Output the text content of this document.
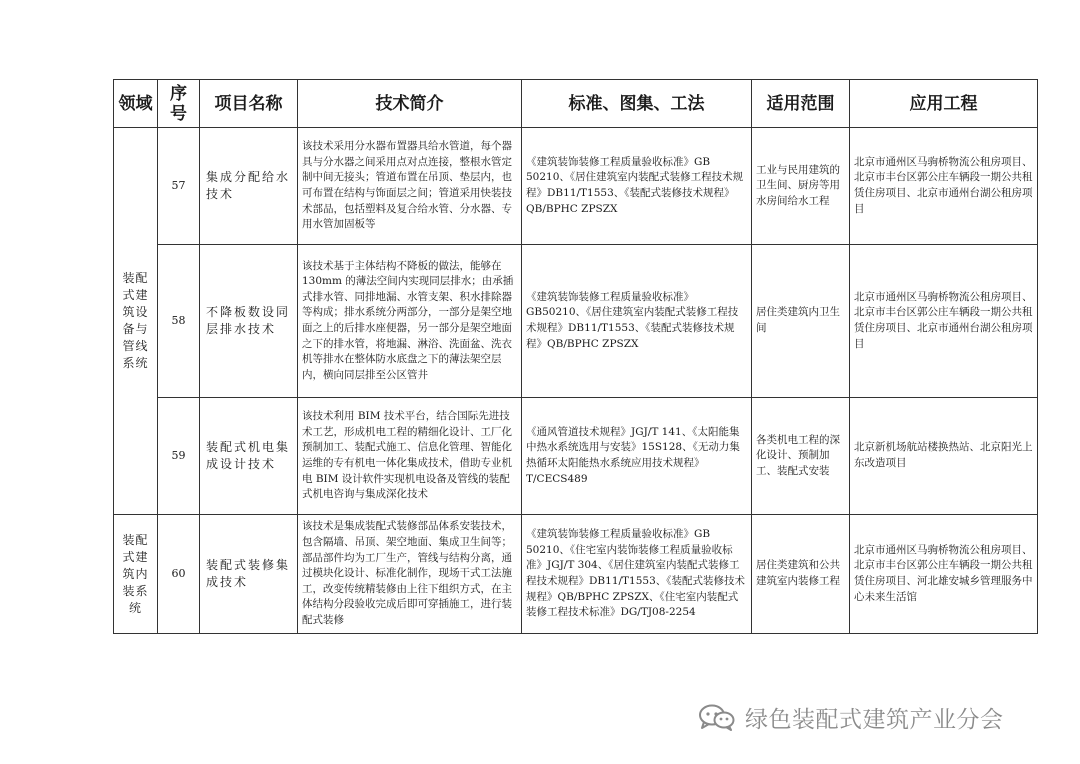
领域	序号	项目名称	技术简介	标准、图集、工法	适用范围	应用工程
装配式建筑设备与管线系统	57	集成分配给水技术	该技术采用分水器布置器具给水管道，每个器具与分水器之间采用点对点连接，整根水管定制中间无接头；管道布置在吊顶、垫层内，也可布置在结构与饰面层之间；管道采用快装技术部品，包括塑料及复合给水管、分水器、专用水管加固板等	《建筑装饰装修工程质量验收标准》GB 50210、《居住建筑室内装配式装修工程技术规程》DB11/T1553、《装配式装修技术规程》QB/BPHC ZPSZX	工业与民用建筑的卫生间、厨房等用水房间给水工程	北京市通州区马驹桥物流公租房项目、北京市丰台区郭公庄车辆段一期公共租赁住房项目、北京市通州台湖公租房项目
	58	不降板数设同层排水技术	该技术基于主体结构不降板的做法，能够在 130mm 的薄法空间内实现同层排水；由承插式排水管、同排地漏、水管支架、积水排除器等构成；排水系统分两部分，一部分是架空地面之上的后排水座便器，另一部分是架空地面之下的排水管，将地漏、淋浴、洗面盆、洗衣机等排水在整体防水底盘之下的薄法架空层内，横向同层排至公区管井	《建筑装饰装修工程质量验收标准》GB50210、《居住建筑室内装配式装修工程技术规程》DB11/T1553、《装配式装修技术规程》QB/BPHC ZPSZX	居住类建筑内卫生间	北京市通州区马驹桥物流公租房项目、北京市丰台区郭公庄车辆段一期公共租赁住房项目、北京市通州台湖公租房项目
	59	装配式机电集成设计技术	该技术利用 BIM 技术平台，结合国际先进技术工艺，形成机电工程的精细化设计、工厂化预制加工、装配式施工、信息化管理、智能化运维的专有机电一体化集成技术，借助专业机电 BIM 设计软件实现机电设备及管线的装配式机电咨询与集成深化技术	《通风管道技术规程》JGJ/T 141、《太阳能集中热水系统选用与安装》15S128、《无动力集热循环太阳能热水系统应用技术规程》T/CECS489	各类机电工程的深化设计、预制加工、装配式安装	北京新机场航站楼换热站、北京阳光上东改造项目
装配式建筑内装系统	60	装配式装修集成技术	该技术是集成装配式装修部品体系安装技术，包含隔墙、吊顶、架空地面、集成卫生间等；部品部件均为工厂生产，管线与结构分离，通过模块化设计、标准化制作，现场干式工法施工，改变传统精装修由上往下组织方式，在主体结构分段验收完成后即可穿插施工，进行装配式装修	《建筑装饰装修工程质量验收标准》GB 50210、《住宅室内装饰装修工程质量验收标准》JGJ/T 304、《居住建筑室内装配式装修工程技术规程》DB11/T1553、《装配式装修技术规程》QB/BPHC ZPSZX、《住宅室内装配式装修工程技术标准》DG/TJ08-2254	居住类建筑和公共建筑室内装修工程	北京市通州区马驹桥物流公租房项目、北京市丰台区郭公庄车辆段一期公共租赁住房项目、河北雄安城乡管理服务中心未来生活馆
绿色装配式建筑产业分会
